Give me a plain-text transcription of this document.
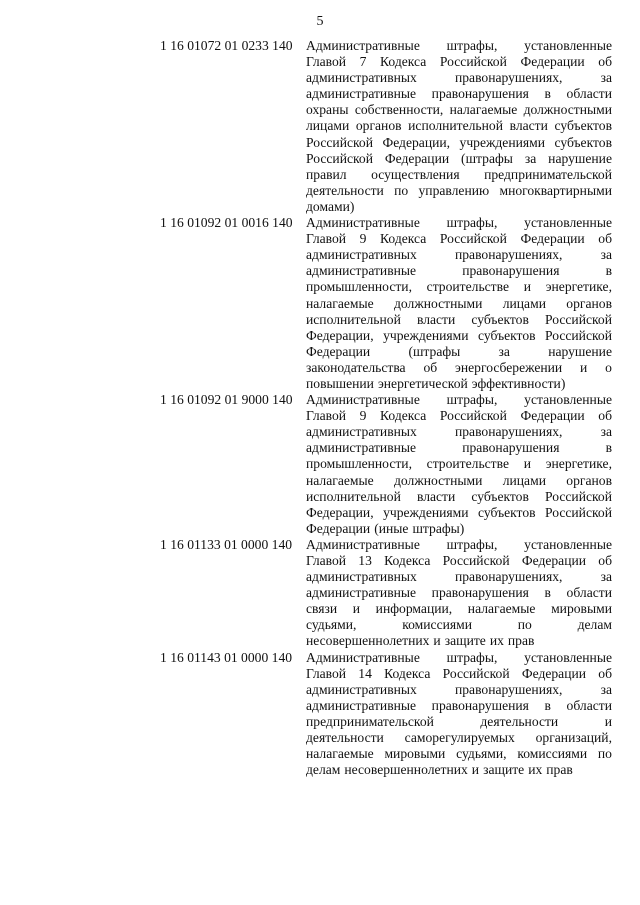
5
1 16 01072 01 0233 140 Административные штрафы, установленные
Главой 7 Кодекса Российской Федерации об
административных	правонарушениях,	за
административные правонарушения в области
охраны собственности, налагаемые должностными
лицами органов исполнительной власти субъектов
Российской Федерации, учреждениями субъектов
Российской Федерации (штрафы за нарушение
правил осуществления предпринимательской
деятельности по управлению многоквартирными
домами)
1 16 01092 01 0016 140 Административные штрафы, установленные
Главой 9 Кодекса Российской Федерации об
административных	правонарушениях,	за
административные	правонарушения	в
промышленности, строительстве и энергетике,
налагаемые должностными лицами органов
исполнительной власти субъектов Российской
Федерации, учреждениями субъектов Российской
Федерации	(штрафы	за	нарушение
законодательства об энергосбережении и о
повышении энергетической эффективности)
1 16 01092 01 9000 140 Административные штрафы, установленные
Главой 9 Кодекса Российской Федерации об
административных	правонарушениях,	за
административные	правонарушения	в
промышленности, строительстве и энергетике,
налагаемые должностными лицами органов
исполнительной власти субъектов Российской
Федерации, учреждениями субъектов Российской
Федерации (иные штрафы)
1 16 01133 01 0000 140	Административные штрафы, установленные
Главой 13 Кодекса Российской Федерации об
административных	правонарушениях,	за
административные правонарушения в области
связи и информации, налагаемые мировыми
судьями,	комиссиями	по	делам
несовершеннолетних и защите их прав
1 16 01143 01 0000 140	Административные штрафы, установленные
Главой 14 Кодекса Российской Федерации об
административных	правонарушениях,	за
административные правонарушения в области
предпринимательской	деятельности	и
деятельности саморегулируемых организаций,
налагаемые мировыми судьями, комиссиями по
делам несовершеннолетних и защите их прав
